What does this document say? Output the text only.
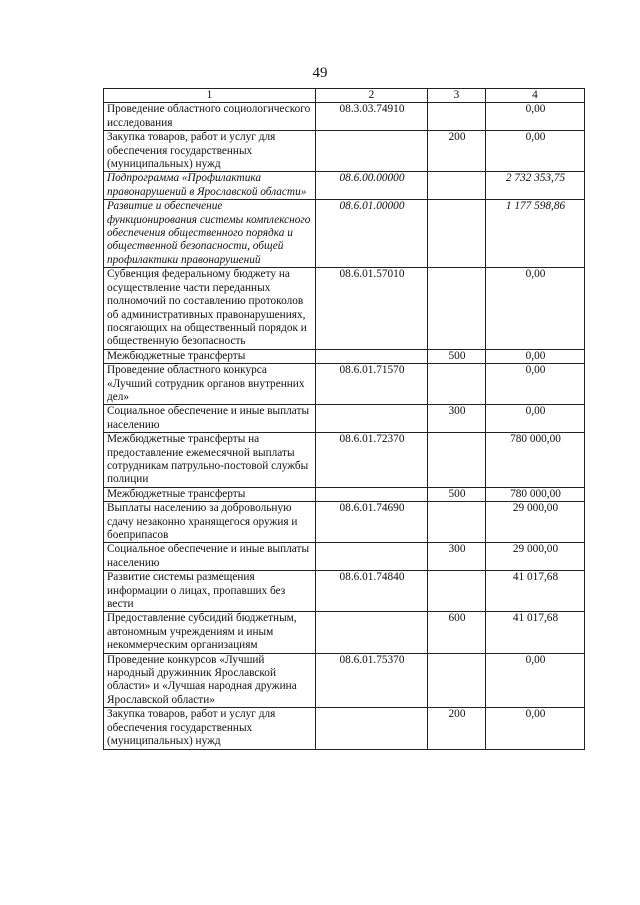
49
1	2	3	4
Проведение областного социологического исследования	08.3.03.74910		0,00
Закупка товаров, работ и услуг для обеспечения государственных (муниципальных) нужд		200	0,00
Подпрограмма «Профилактика правонарушений в Ярославской области»	08.6.00.00000		2 732 353,75
Развитие и обеспечение функционирования системы комплексного обеспечения общественного порядка и общественной безопасности, общей профилактики правонарушений	08.6.01.00000		1 177 598,86
Субвенция федеральному бюджету на осуществление части переданных полномочий по составлению протоколов об административных правонарушениях, посягающих на общественный порядок и общественную безопасность	08.6.01.57010		0,00
Межбюджетные трансферты		500	0,00
Проведение областного конкурса «Лучший сотрудник органов внутренних дел»	08.6.01.71570		0,00
Социальное обеспечение и иные выплаты населению		300	0,00
Межбюджетные трансферты на предоставление ежемесячной выплаты сотрудникам патрульно-постовой службы полиции	08.6.01.72370		780 000,00
Межбюджетные трансферты		500	780 000,00
Выплаты населению за добровольную сдачу незаконно хранящегося оружия и боеприпасов	08.6.01.74690		29 000,00
Социальное обеспечение и иные выплаты населению		300	29 000,00
Развитие системы размещения информации о лицах, пропавших без вести	08.6.01.74840		41 017,68
Предоставление субсидий бюджетным, автономным учреждениям и иным некоммерческим организациям		600	41 017,68
Проведение конкурсов «Лучший народный дружинник Ярославской области» и «Лучшая народная дружина Ярославской области»	08.6.01.75370		0,00
Закупка товаров, работ и услуг для обеспечения государственных (муниципальных) нужд		200	0,00
